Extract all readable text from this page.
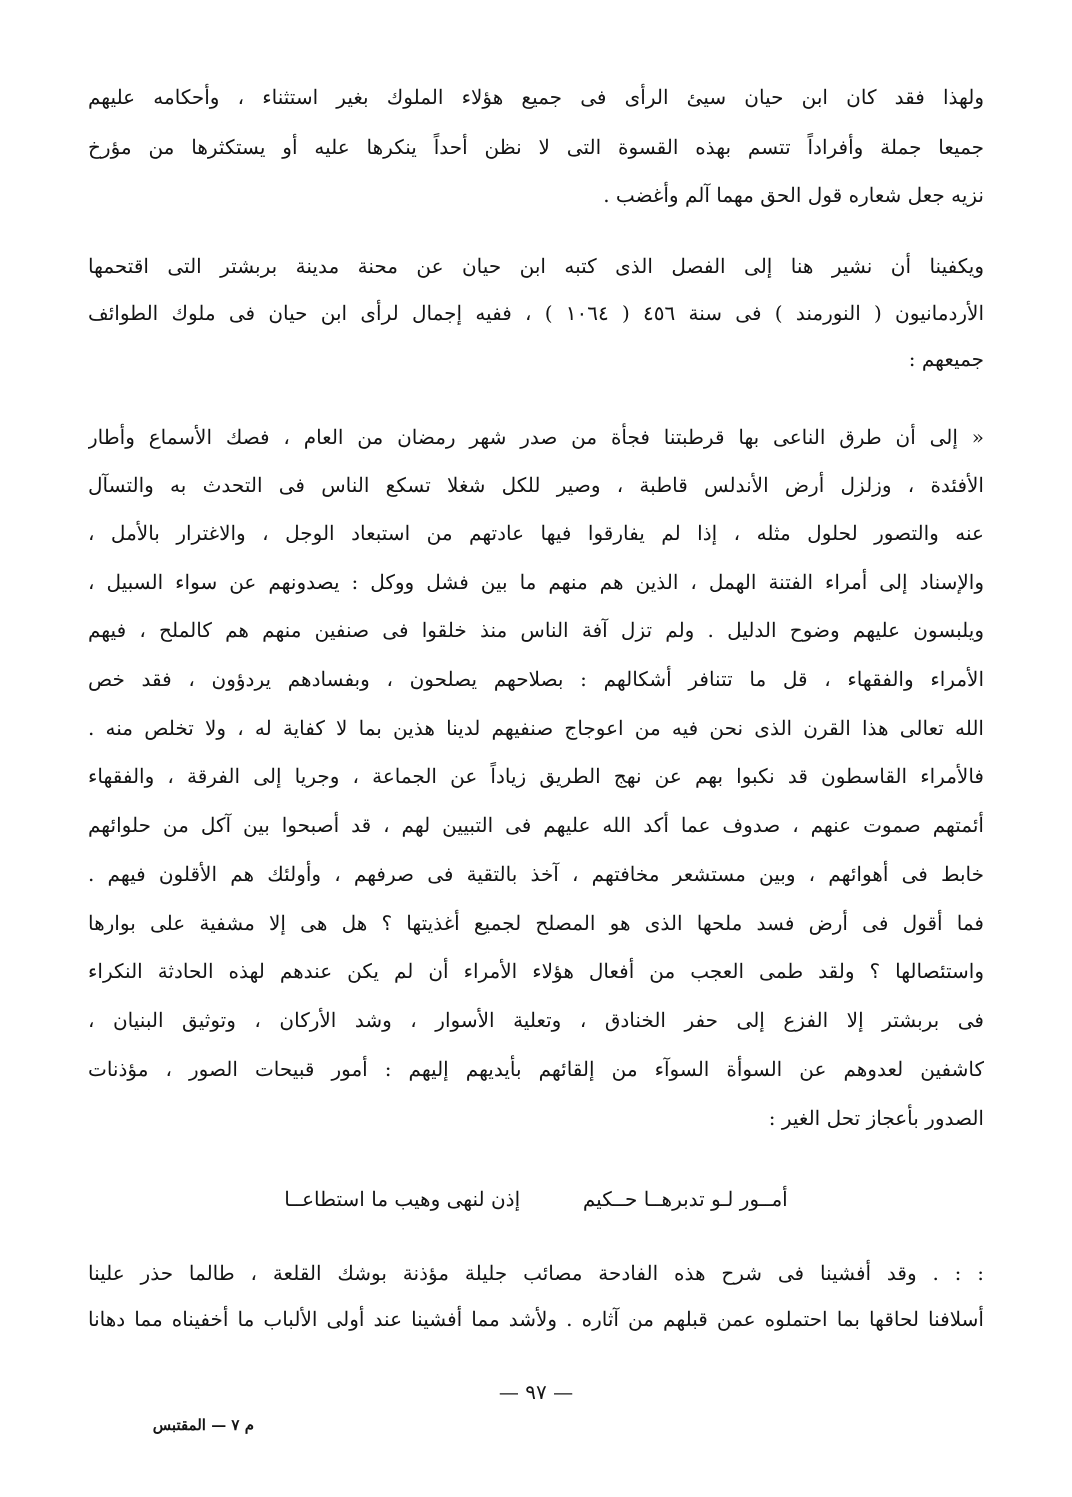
ولهذا فقد كان ابن حيان سيئ الرأى فى جميع هؤلاء الملوك بغير استثناء ، وأحكامه عليهم
جميعا جملة وأفراداً تتسم بهذه القسوة التى لا نظن أحداً ينكرها عليه أو يستكثرها من مؤرخ
نزيه جعل شعاره قول الحق مهما آلم وأغضب .
ويكفينا أن نشير هنا إلى الفصل الذى كتبه ابن حيان عن محنة مدينة بربشتر التى اقتحمها
الأردمانيون ( النورمند ) فى سنة ٤٥٦ ( ١٠٦٤ ) ، ففيه إجمال لرأى ابن حيان فى ملوك الطوائف
جميعهم :
« إلى أن طرق الناعى بها قرطبتنا فجأة من صدر شهر رمضان من العام ، فصك الأسماع وأطار
الأفئدة ، وزلزل أرض الأندلس قاطبة ، وصير للكل شغلا تسكع الناس فى التحدث به والتسآل
عنه والتصور لحلول مثله ، إذا لم يفارقوا فيها عادتهم من استبعاد الوجل ، والاغترار بالأمل ،
والإسناد إلى أمراء الفتنة الهمل ، الذين هم منهم ما بين فشل ووكل : يصدونهم عن سواء السبيل ،
ويلبسون عليهم وضوح الدليل . ولم تزل آفة الناس منذ خلقوا فى صنفين منهم هم كالملح ، فيهم
الأمراء والفقهاء ، قل ما تتنافر أشكالهم : بصلاحهم يصلحون ، وبفسادهم يردؤون ، فقد خص
الله تعالى هذا القرن الذى نحن فيه من اعوجاج صنفيهم لدينا هذين بما لا كفاية له ، ولا تخلص منه .
فالأمراء القاسطون قد نكبوا بهم عن نهج الطريق زياداً عن الجماعة ، وجريا إلى الفرقة ، والفقهاء
أئمتهم صموت عنهم ، صدوف عما أكد الله عليهم فى التبيين لهم ، قد أصبحوا بين آكل من حلوائهم
خابط فى أهوائهم ، وبين مستشعر مخافتهم ، آخذ بالتقية فى صرفهم ، وأولئك هم الأقلون فيهم .
فما أقول فى أرض فسد ملحها الذى هو المصلح لجميع أغذيتها ؟ هل هى إلا مشفية على بوارها
واستئصالها ؟ ولقد طمى العجب من أفعال هؤلاء الأمراء أن لم يكن عندهم لهذه الحادثة النكراء
فى بربشتر إلا الفزع إلى حفر الخنادق ، وتعلية الأسوار ، وشد الأركان ، وتوثيق البنيان ،
كاشفين لعدوهم عن السوأة السوآء من إلقائهم بأيديهم إليهم : أمور قبيحات الصور ، مؤذنات
الصدور بأعجاز تحل الغير :
أمــور لـو تدبرهــا حــكيم  إذن لنهى وهيب ما استطاعــا
: : . وقد أفشينا فى شرح هذه الفادحة مصائب جليلة مؤذنة بوشك القلعة ، طالما حذر علينا
أسلافنا لحاقها بما احتملوه عمن قبلهم من آثاره . ولأشد مما أفشينا عند أولى الألباب ما أخفيناه مما دهانا
— ٩٧ —
م ٧ — المقتبس
